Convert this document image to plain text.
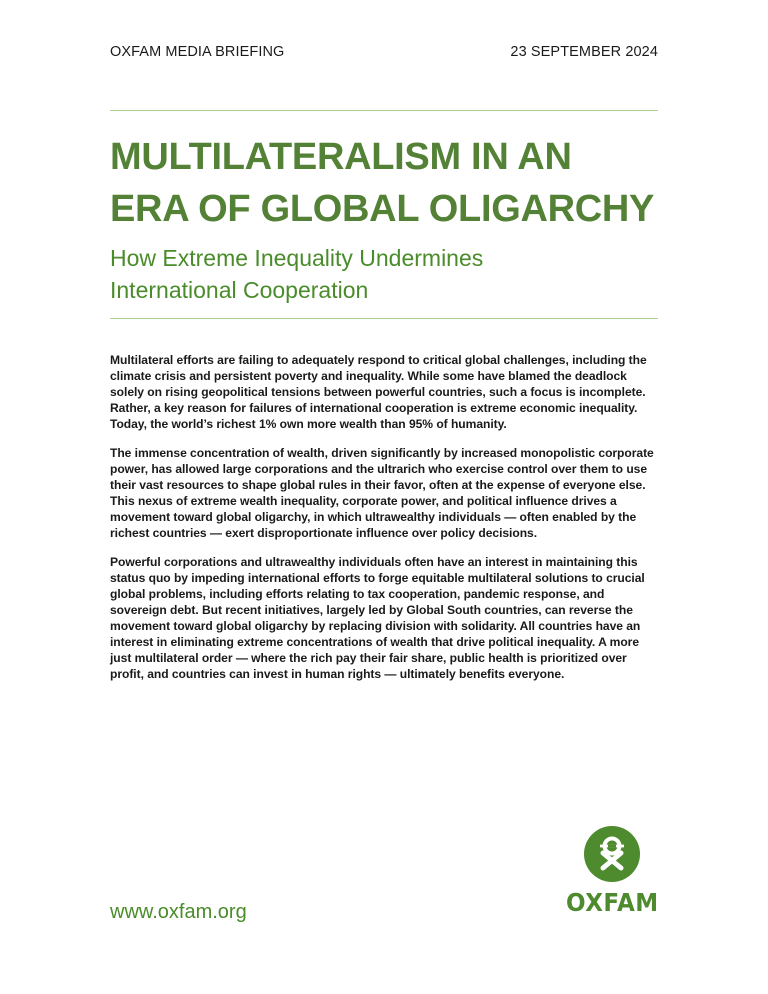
OXFAM MEDIA BRIEFING	23 SEPTEMBER 2024
MULTILATERALISM IN AN
ERA OF GLOBAL OLIGARCHY
How Extreme Inequality Undermines
International Cooperation

Multilateral efforts are failing to adequately respond to critical global challenges, including the climate crisis and persistent poverty and inequality. While some have blamed the deadlock solely on rising geopolitical tensions between powerful countries, such a focus is incomplete. Rather, a key reason for failures of international cooperation is extreme economic inequality. Today, the world’s richest 1% own more wealth than 95% of humanity.

The immense concentration of wealth, driven significantly by increased monopolistic corporate power, has allowed large corporations and the ultrarich who exercise control over them to use their vast resources to shape global rules in their favor, often at the expense of everyone else. This nexus of extreme wealth inequality, corporate power, and political influence drives a movement toward global oligarchy, in which ultrawealthy individuals — often enabled by the richest countries — exert disproportionate influence over policy decisions.

Powerful corporations and ultrawealthy individuals often have an interest in maintaining this status quo by impeding international efforts to forge equitable multilateral solutions to crucial global problems, including efforts relating to tax cooperation, pandemic response, and sovereign debt. But recent initiatives, largely led by Global South countries, can reverse the movement toward global oligarchy by replacing division with solidarity. All countries have an interest in eliminating extreme concentrations of wealth that drive political inequality. A more just multilateral order — where the rich pay their fair share, public health is prioritized over profit, and countries can invest in human rights — ultimately benefits everyone.

www.oxfam.org	OXFAM
